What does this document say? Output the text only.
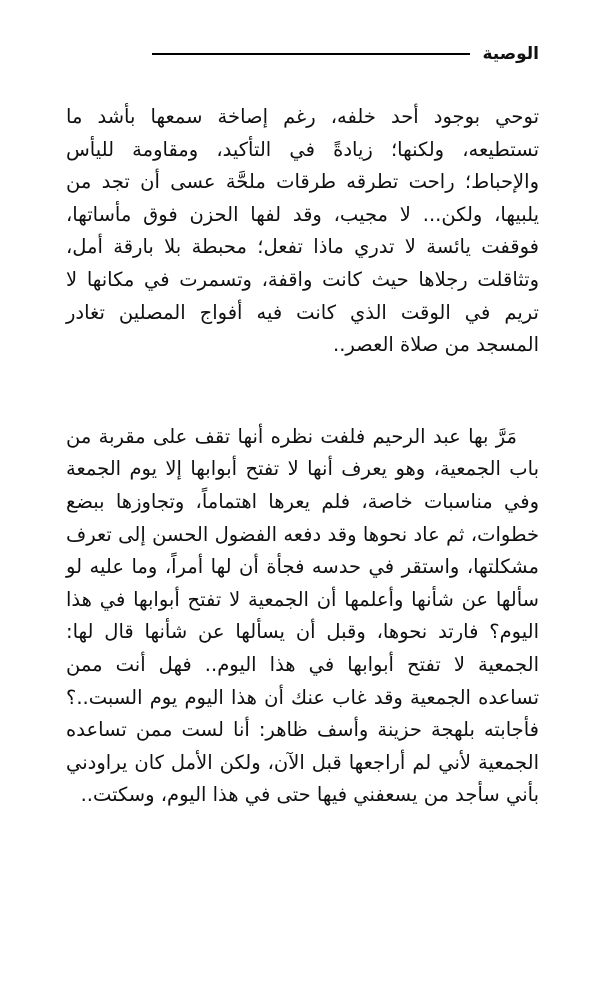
الوصية

توحي بوجود أحد خلفه، رغم إصاخة سمعها بأشد ما تستطيعه، ولكنها؛ زيادةً في التأكيد، ومقاومة لليأس والإحباط؛ راحت تطرقه طرقات ملحَّة عسى أن تجد من يلبيها، ولكن... لا مجيب، وقد لفها الحزن فوق مأساتها، فوقفت يائسة لا تدري ماذا تفعل؛ محبطة بلا بارقة أمل، وتثاقلت رجلاها حيث كانت واقفة، وتسمرت في مكانها لا تريم في الوقت الذي كانت فيه أفواج المصلين تغادر المسجد من صلاة العصر..

مَرَّ بها عبد الرحيم فلفت نظره أنها تقف على مقربة من باب الجمعية، وهو يعرف أنها لا تفتح أبوابها إلا يوم الجمعة وفي مناسبات خاصة، فلم يعرها اهتماماً، وتجاوزها ببضع خطوات، ثم عاد نحوها وقد دفعه الفضول الحسن إلى تعرف مشكلتها، واستقر في حدسه فجأة أن لها أمراً، وما عليه لو سألها عن شأنها وأعلمها أن الجمعية لا تفتح أبوابها في هذا اليوم؟ فارتد نحوها، وقبل أن يسألها عن شأنها قال لها: الجمعية لا تفتح أبوابها في هذا اليوم.. فهل أنت ممن تساعده الجمعية وقد غاب عنك أن هذا اليوم يوم السبت..؟ فأجابته بلهجة حزينة وأسف ظاهر: أنا لست ممن تساعده الجمعية لأني لم أراجعها قبل الآن، ولكن الأمل كان يراودني بأني سأجد من يسعفني فيها حتى في هذا اليوم، وسكتت..
